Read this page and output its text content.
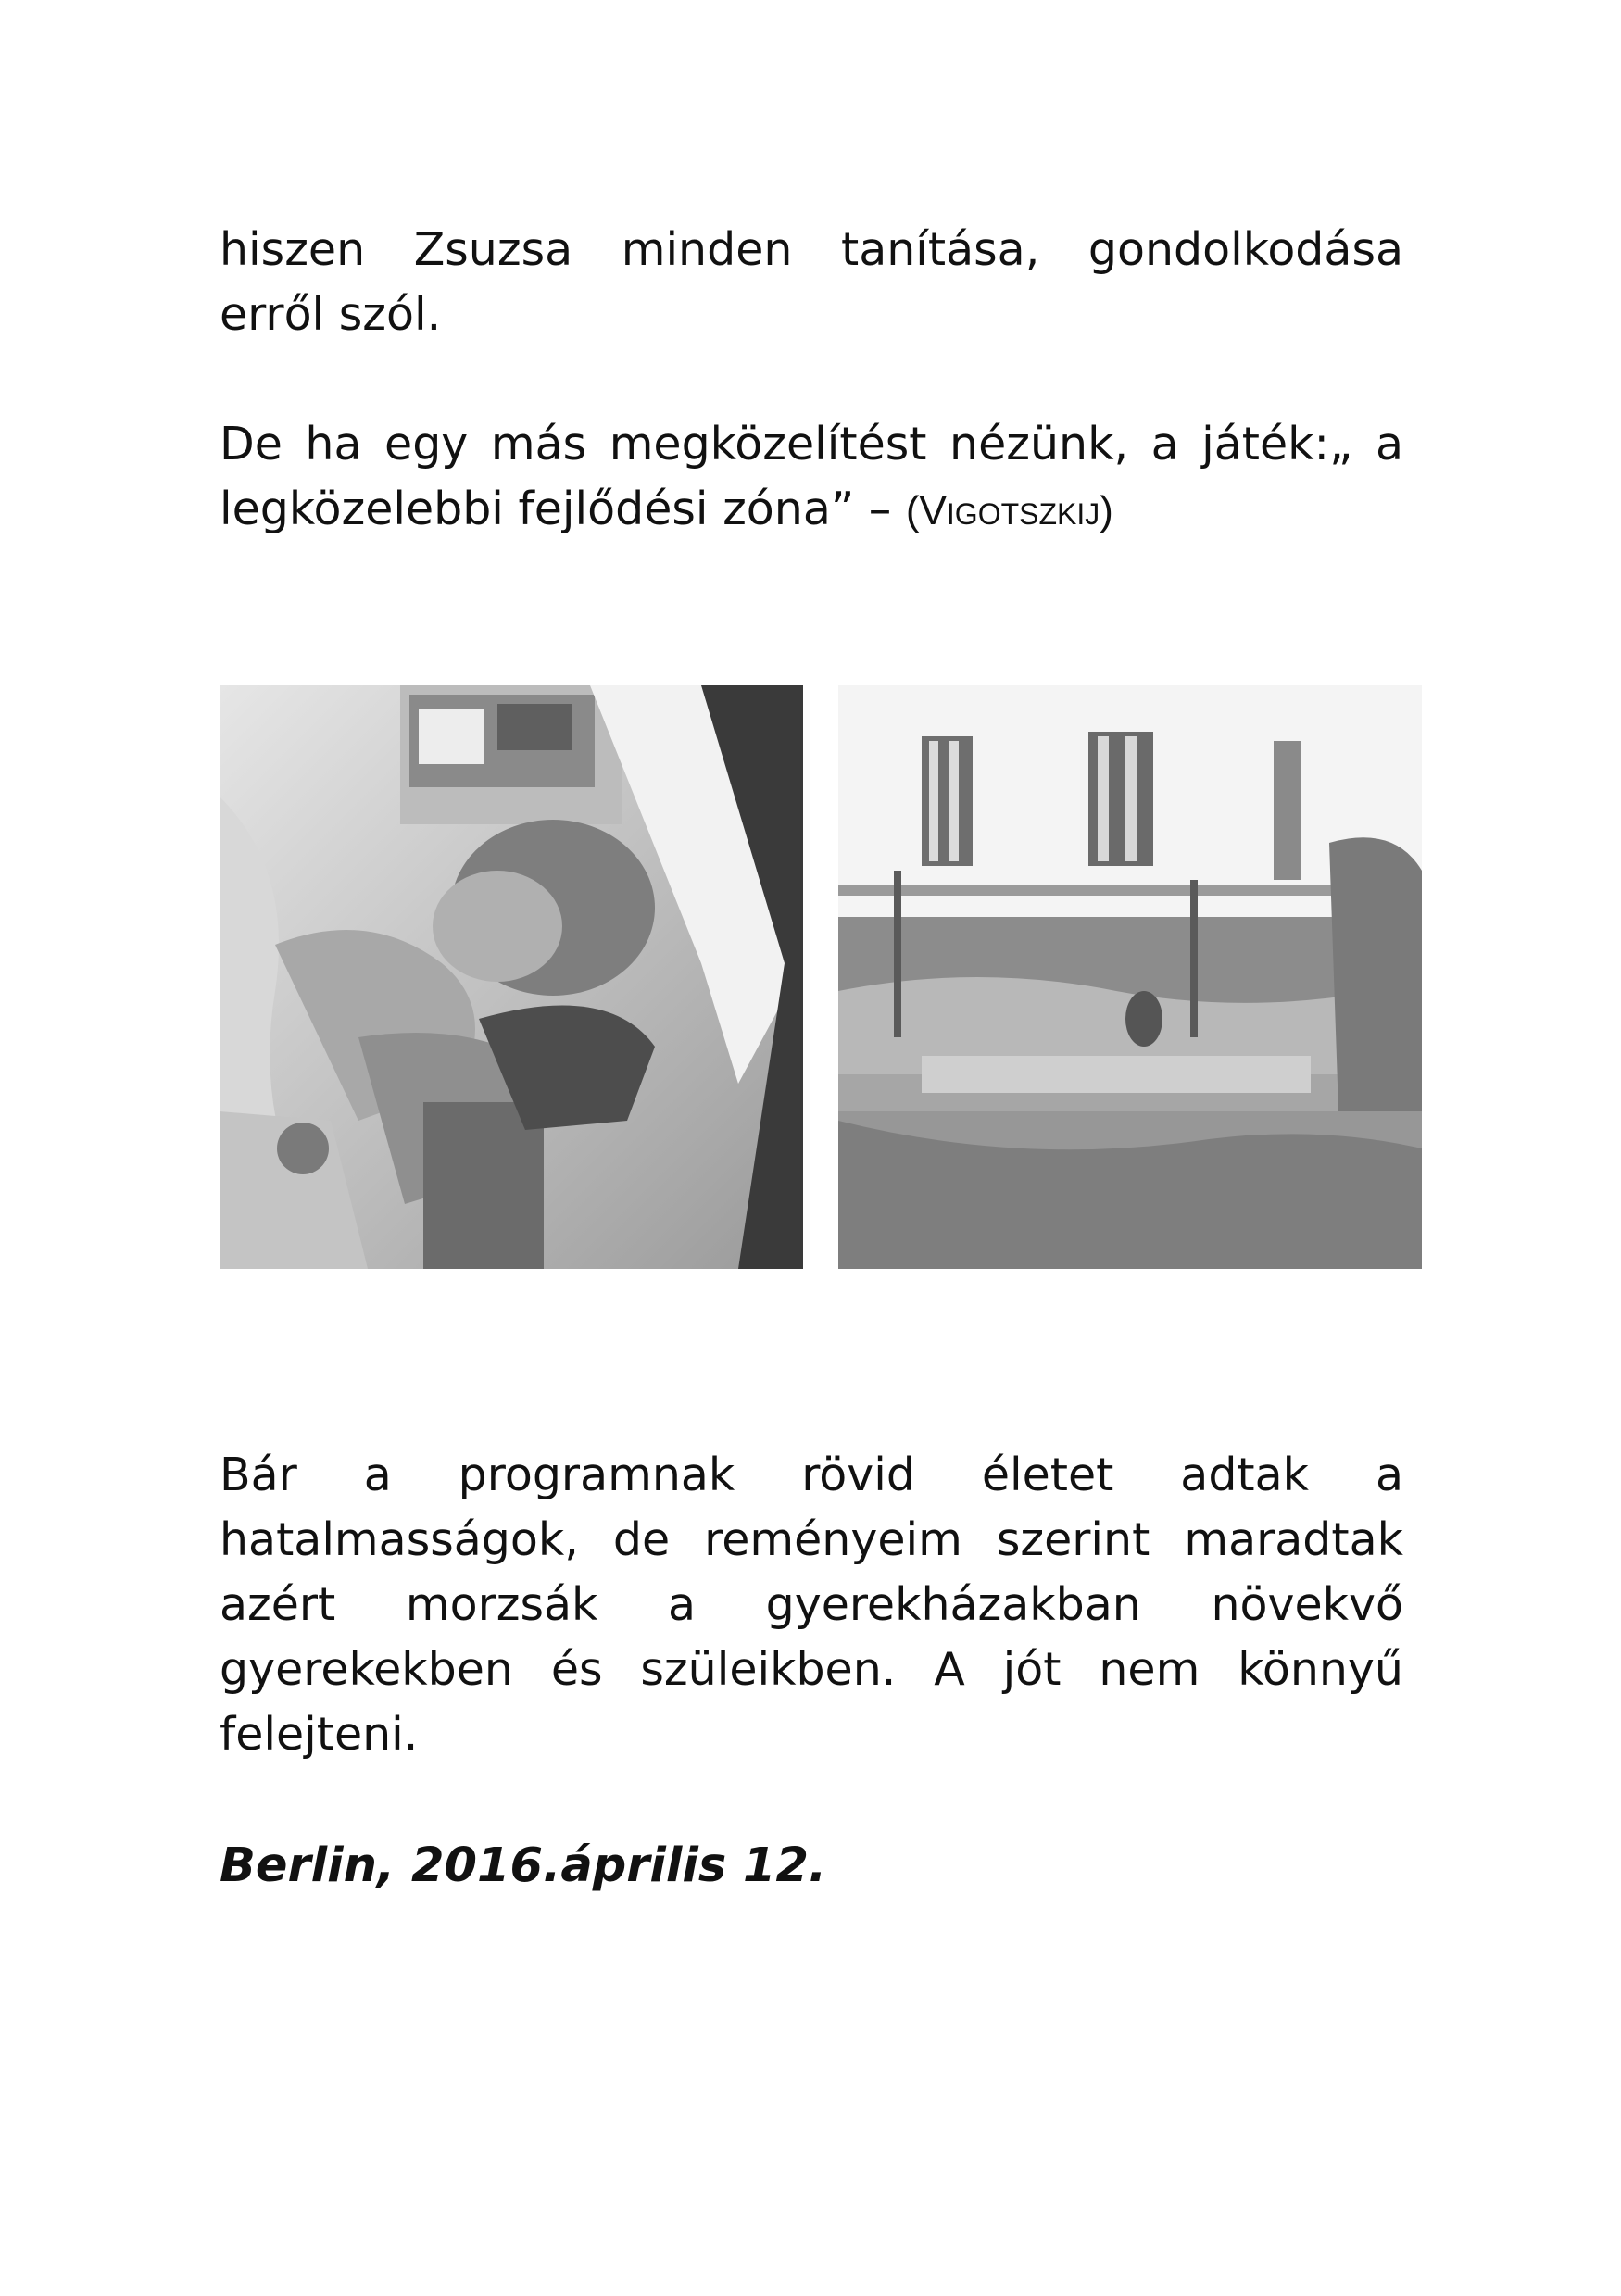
hiszen Zsuzsa minden tanítása, gondolkodása
erről szól.

De ha egy más megközelítést nézünk, a játék:„ a
legközelebbi fejlődési zóna” – (VIGOTSZKIJ)

Bár a programnak rövid életet adtak a
hatalmasságok, de reményeim szerint maradtak
azért morzsák a gyerekházakban növekvő
gyerekekben és szüleikben. A jót nem könnyű
felejteni.

Berlin, 2016.április 12.
